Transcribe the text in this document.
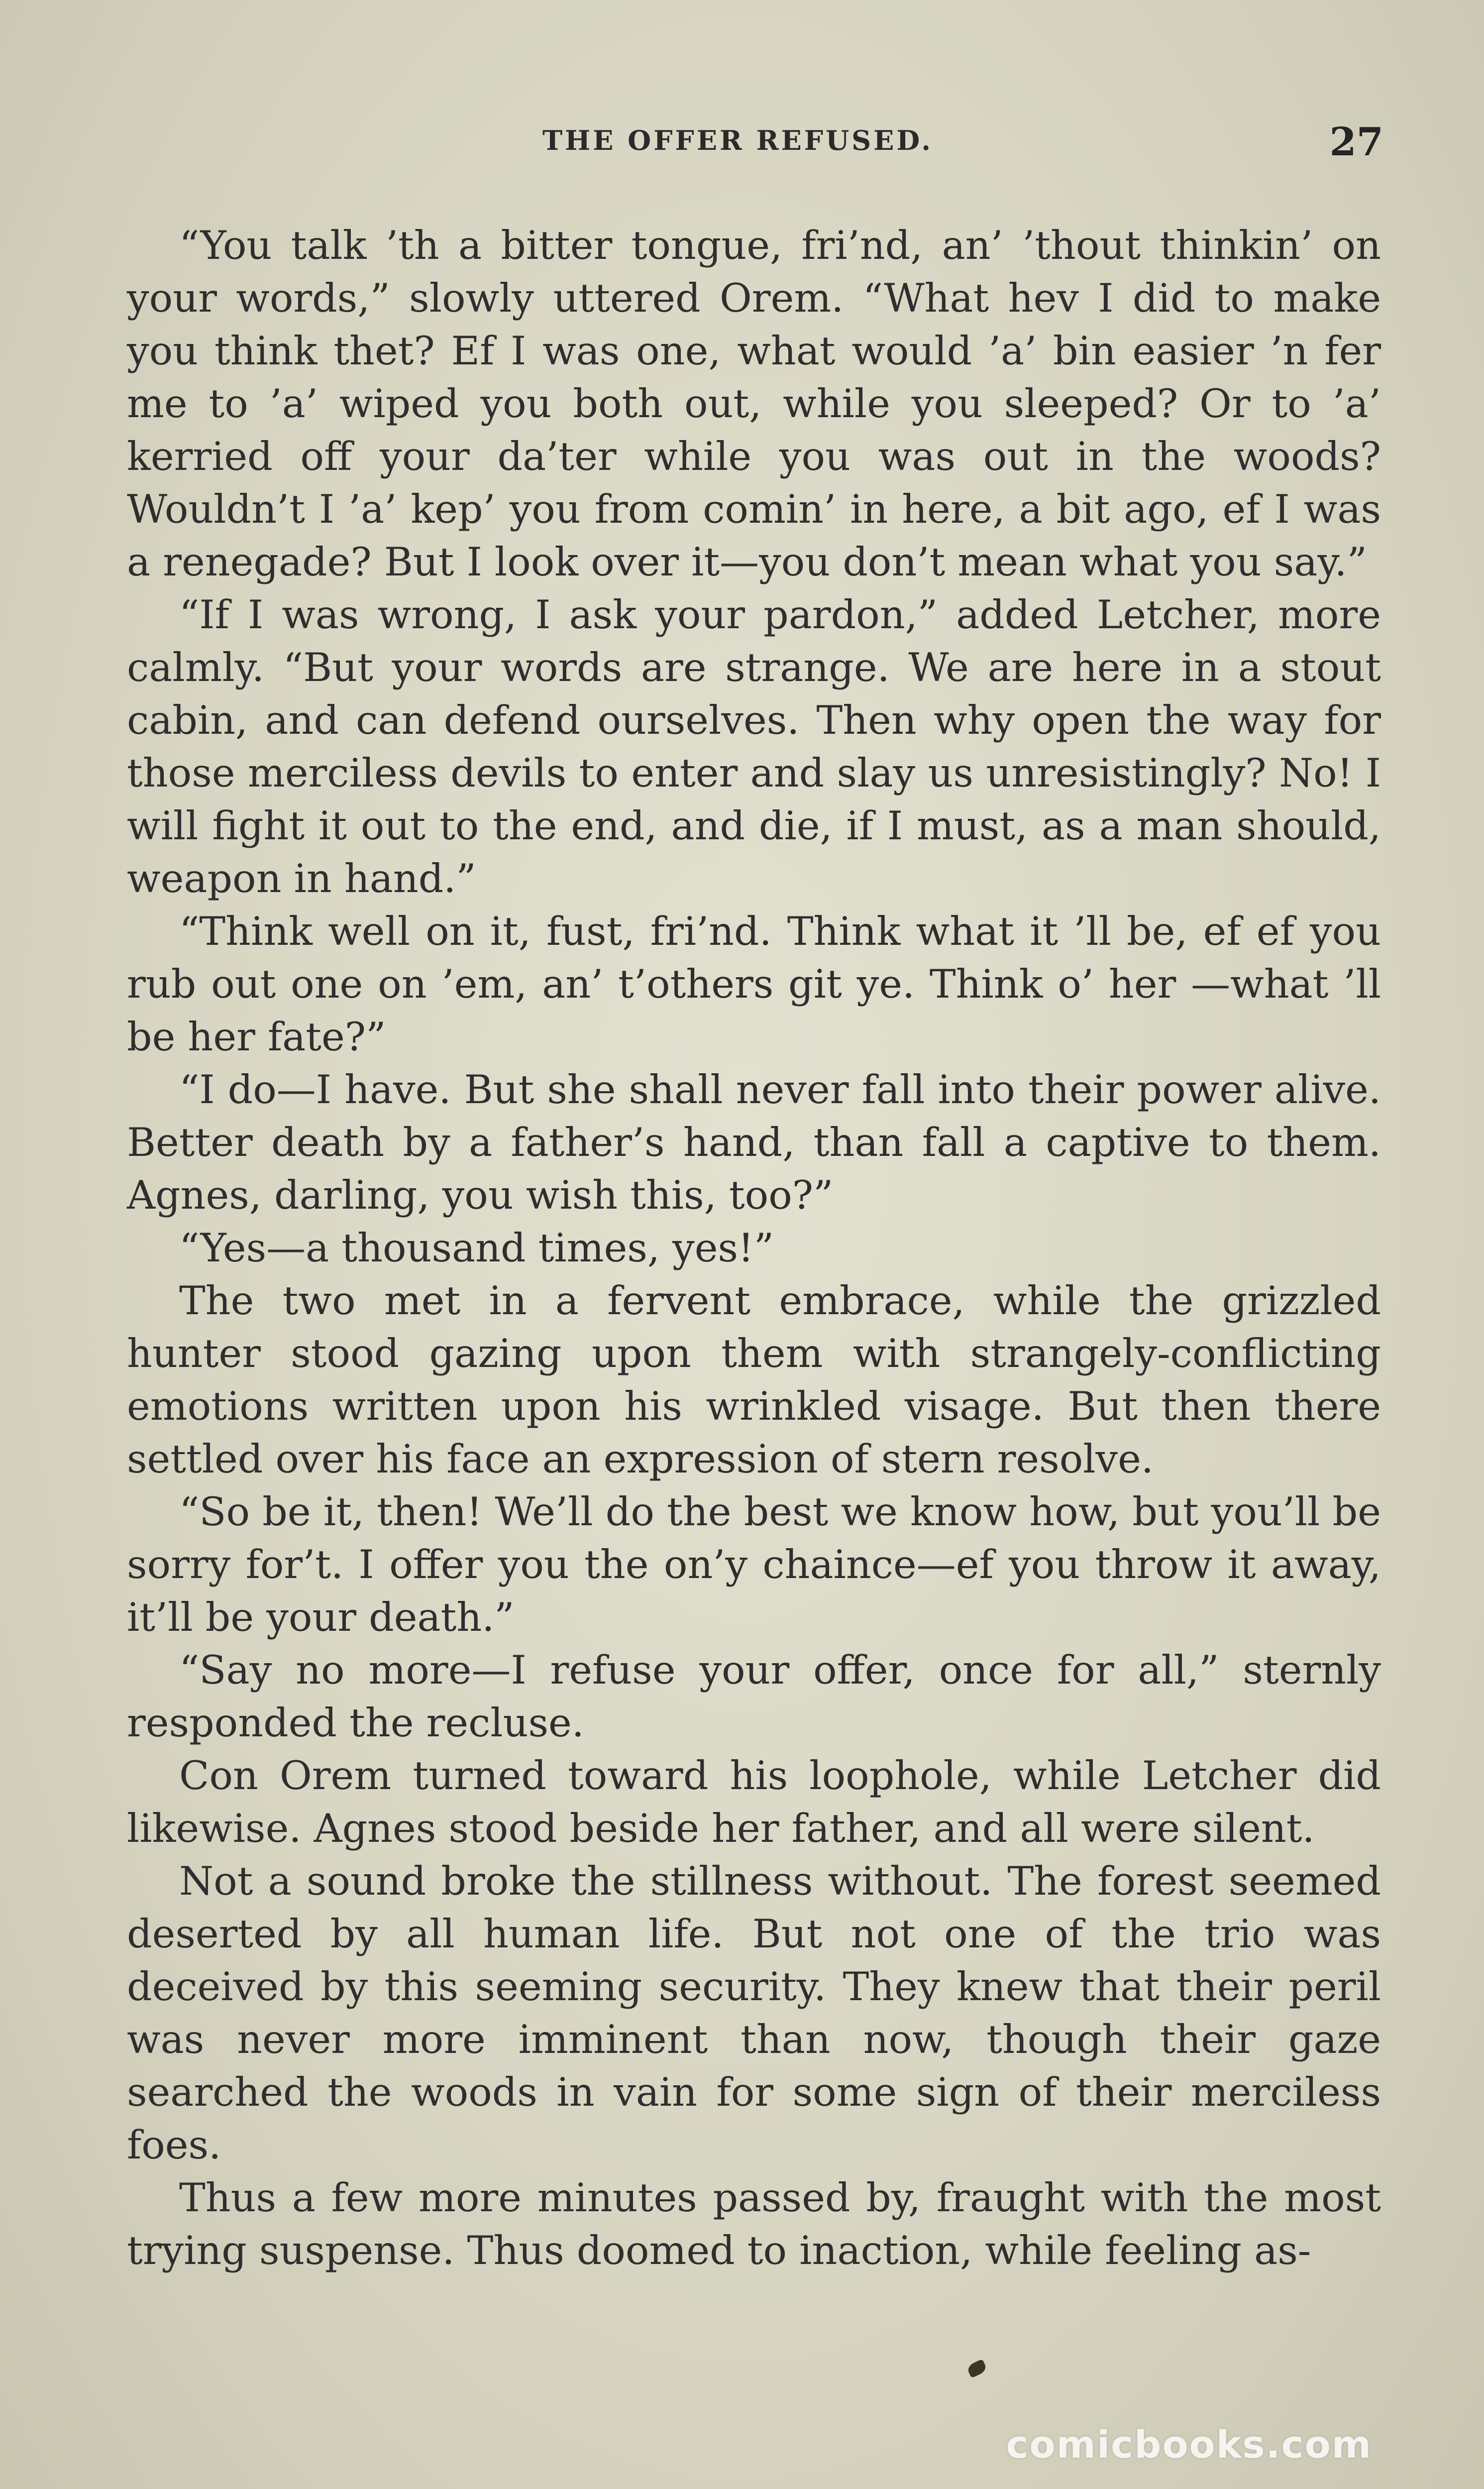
THE OFFER REFUSED.	27

“You talk ’th a bitter tongue, fri’nd, an’ ’thout thinkin’ on your words,” slowly uttered Orem. “What hev I did to make you think thet? Ef I was one, what would ’a’ bin easier ’n fer me to ’a’ wiped you both out, while you sleeped? Or to ’a’ kerried off your da’ter while you was out in the woods? Wouldn’t I ’a’ kep’ you from comin’ in here, a bit ago, ef I was a renegade? But I look over it—you don’t mean what you say.”

“If I was wrong, I ask your pardon,” added Letcher, more calmly. “But your words are strange. We are here in a stout cabin, and can defend ourselves. Then why open the way for those merciless devils to enter and slay us unresistingly? No! I will fight it out to the end, and die, if I must, as a man should, weapon in hand.”

“Think well on it, fust, fri’nd. Think what it ’ll be, ef ef you rub out one on ’em, an’ t’others git ye. Think o’ her —what ’ll be her fate?”

“I do—I have. But she shall never fall into their power alive. Better death by a father’s hand, than fall a captive to them. Agnes, darling, you wish this, too?”

“Yes—a thousand times, yes!”

The two met in a fervent embrace, while the grizzled hunter stood gazing upon them with strangely-conflicting emotions written upon his wrinkled visage. But then there settled over his face an expression of stern resolve.

“So be it, then! We’ll do the best we know how, but you’ll be sorry for’t. I offer you the on’y chaince—ef you throw it away, it’ll be your death.”

“Say no more—I refuse your offer, once for all,” sternly responded the recluse.

Con Orem turned toward his loophole, while Letcher did likewise. Agnes stood beside her father, and all were silent.

Not a sound broke the stillness without. The forest seemed deserted by all human life. But not one of the trio was deceived by this seeming security. They knew that their peril was never more imminent than now, though their gaze searched the woods in vain for some sign of their merciless foes.

Thus a few more minutes passed by, fraught with the most trying suspense. Thus doomed to inaction, while feeling as-

comicbooks.com
